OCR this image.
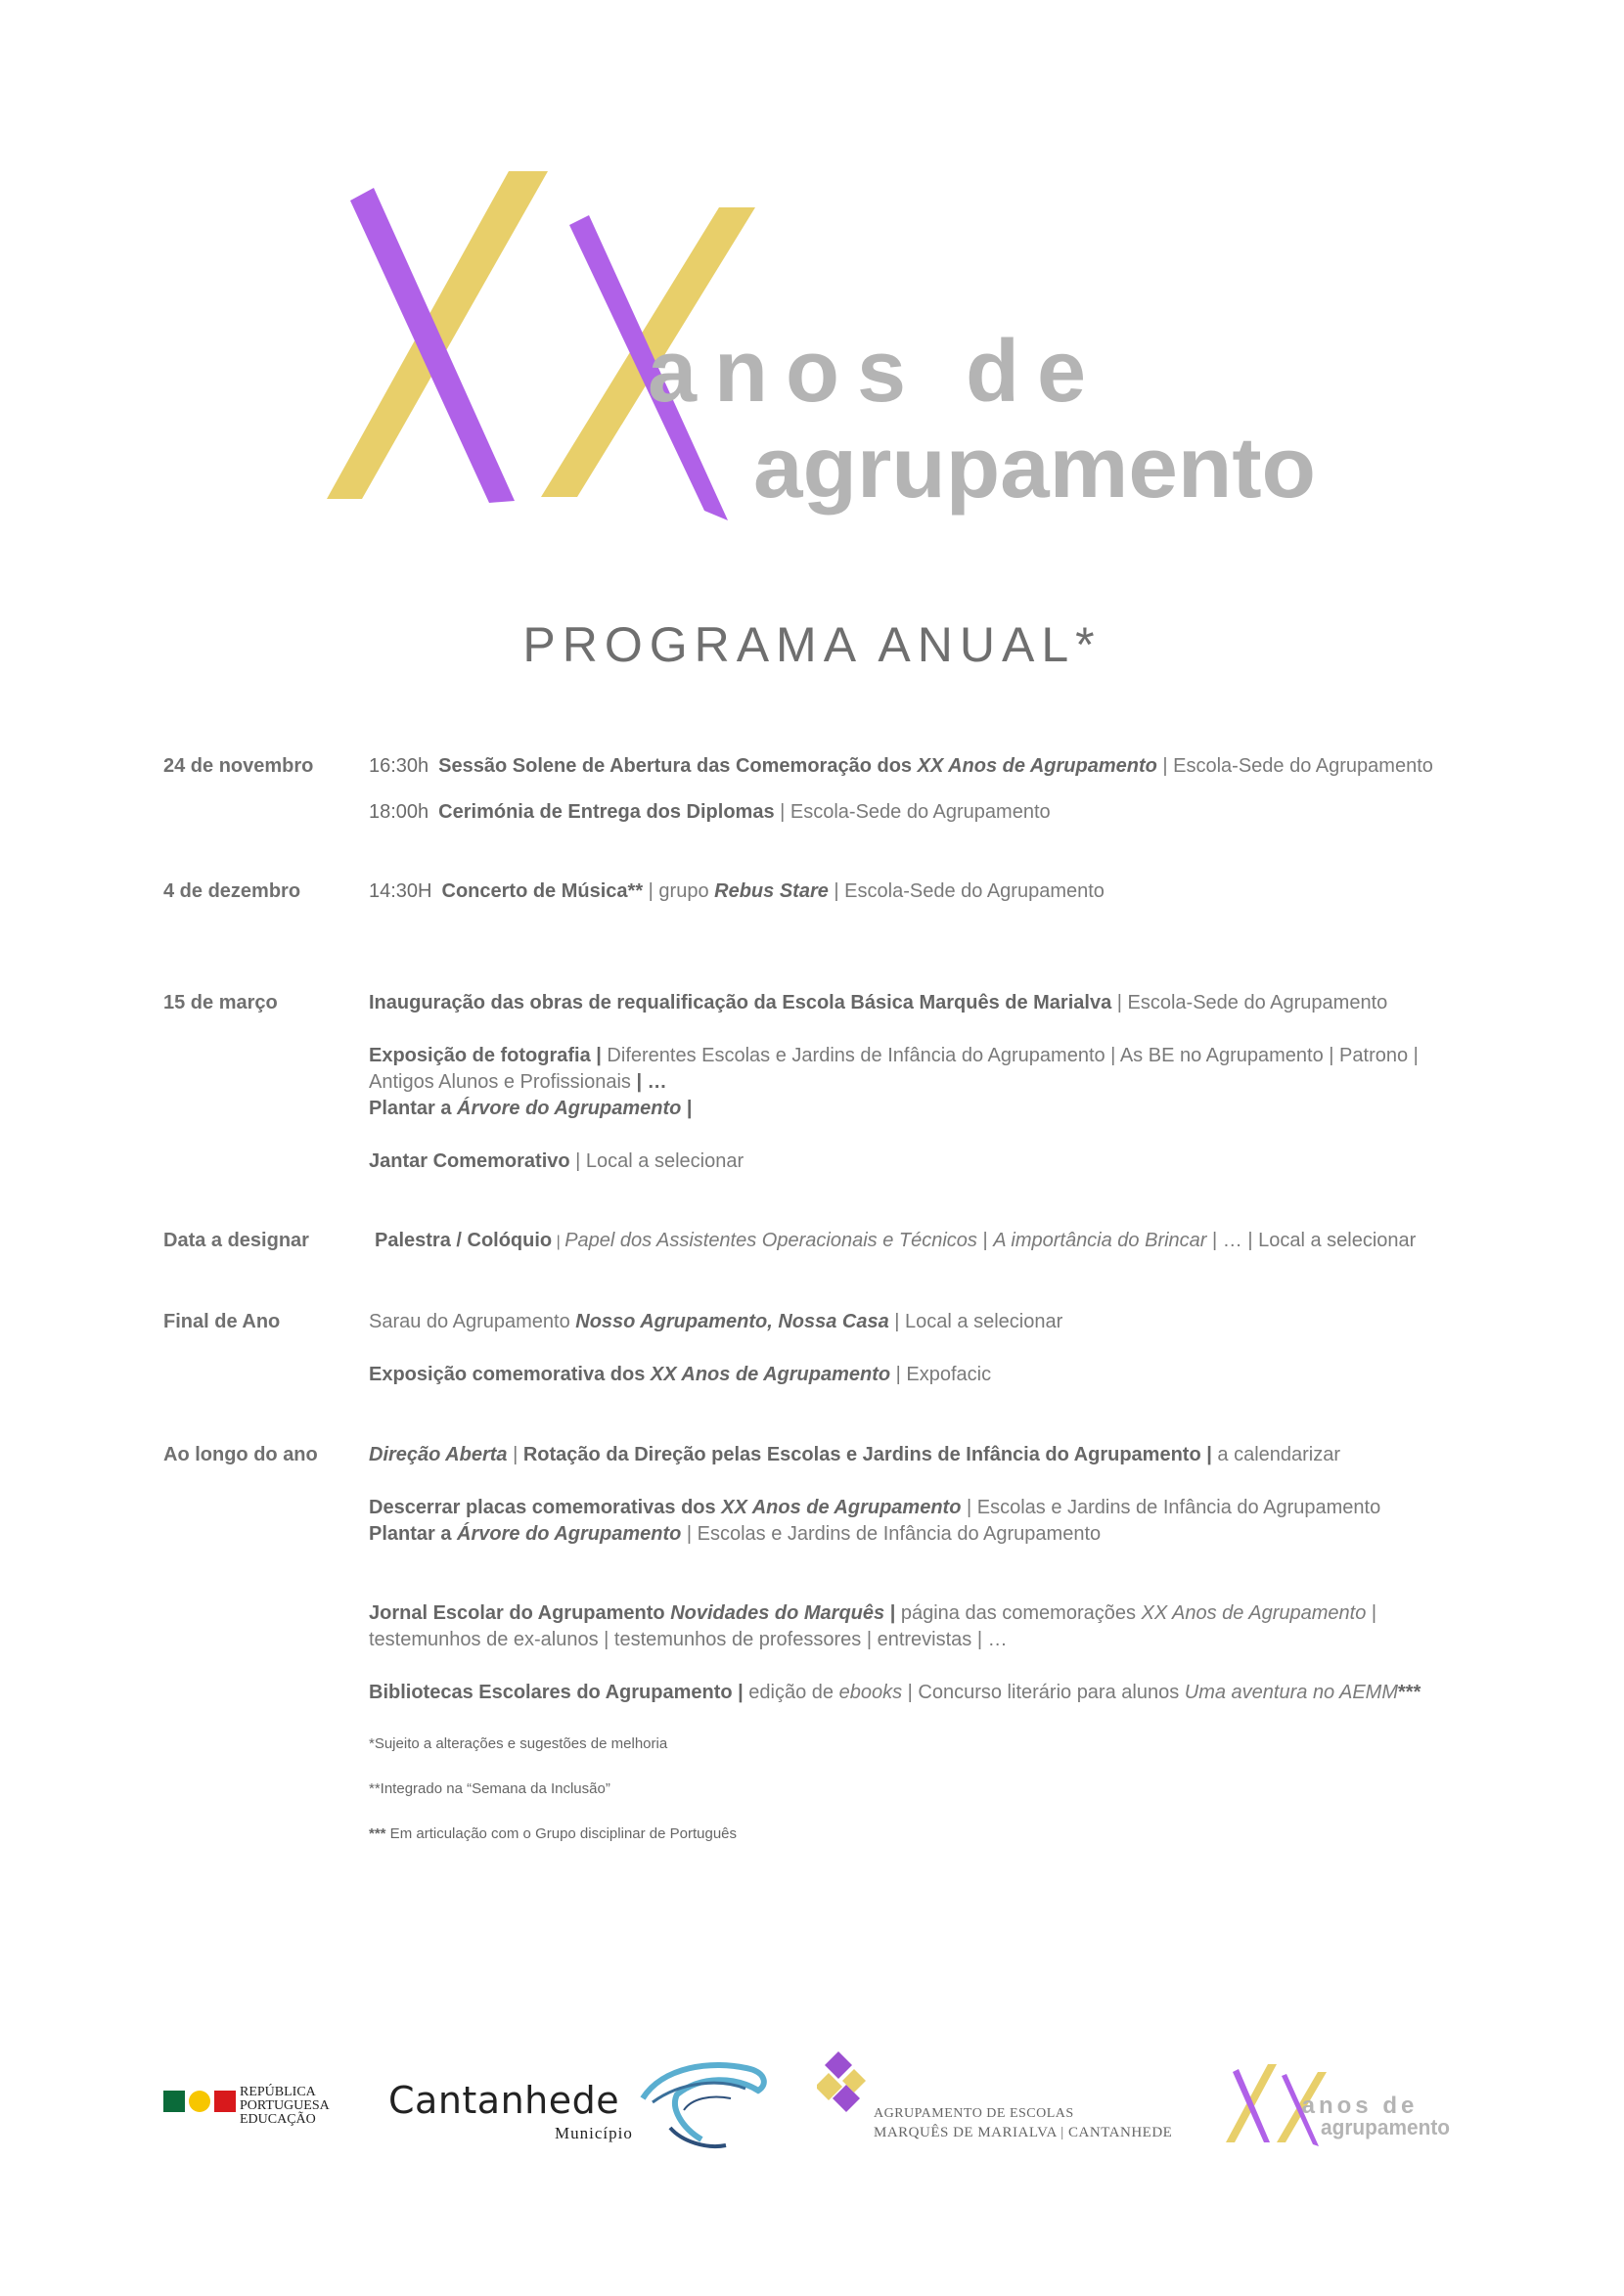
anos de
agrupamento
PROGRAMA ANUAL*
24 de novembro	16:30h Sessão Solene de Abertura das Comemoração dos XX Anos de Agrupamento | Escola-Sede do Agrupamento

18:00h Cerimónia de Entrega dos Diplomas | Escola-Sede do Agrupamento

4 de dezembro	14:30H Concerto de Música** | grupo Rebus Stare | Escola-Sede do Agrupamento

15 de março	Inauguração das obras de requalificação da Escola Básica Marquês de Marialva | Escola-Sede do Agrupamento

Exposição de fotografia | Diferentes Escolas e Jardins de Infância do Agrupamento | As BE no Agrupamento | Patrono | Antigos Alunos e Profissionais | …

Plantar a Árvore do Agrupamento |

Jantar Comemorativo | Local a selecionar

Data a designar	Palestra / Colóquio | Papel dos Assistentes Operacionais e Técnicos | A importância do Brincar | … | Local a selecionar

Final de Ano	Sarau do Agrupamento Nosso Agrupamento, Nossa Casa | Local a selecionar

Exposição comemorativa dos XX Anos de Agrupamento | Expofacic

Ao longo do ano	Direção Aberta | Rotação da Direção pelas Escolas e Jardins de Infância do Agrupamento | a calendarizar

Descerrar placas comemorativas dos XX Anos de Agrupamento | Escolas e Jardins de Infância do Agrupamento

Plantar a Árvore do Agrupamento | Escolas e Jardins de Infância do Agrupamento

Jornal Escolar do Agrupamento Novidades do Marquês | página das comemorações XX Anos de Agrupamento | testemunhos de ex-alunos | testemunhos de professores | entrevistas | …

Bibliotecas Escolares do Agrupamento | edição de ebooks | Concurso literário para alunos Uma aventura no AEMM***

*Sujeito a alterações e sugestões de melhoria

**Integrado na “Semana da Inclusão”

*** Em articulação com o Grupo disciplinar de Português

REPÚBLICA
PORTUGUESA
EDUCAÇÃO	Cantanhede
Município
AGRUPAMENTO DE ESCOLAS
MARQUÊS DE MARIALVA | CANTANHEDE
anos de
agrupamento
